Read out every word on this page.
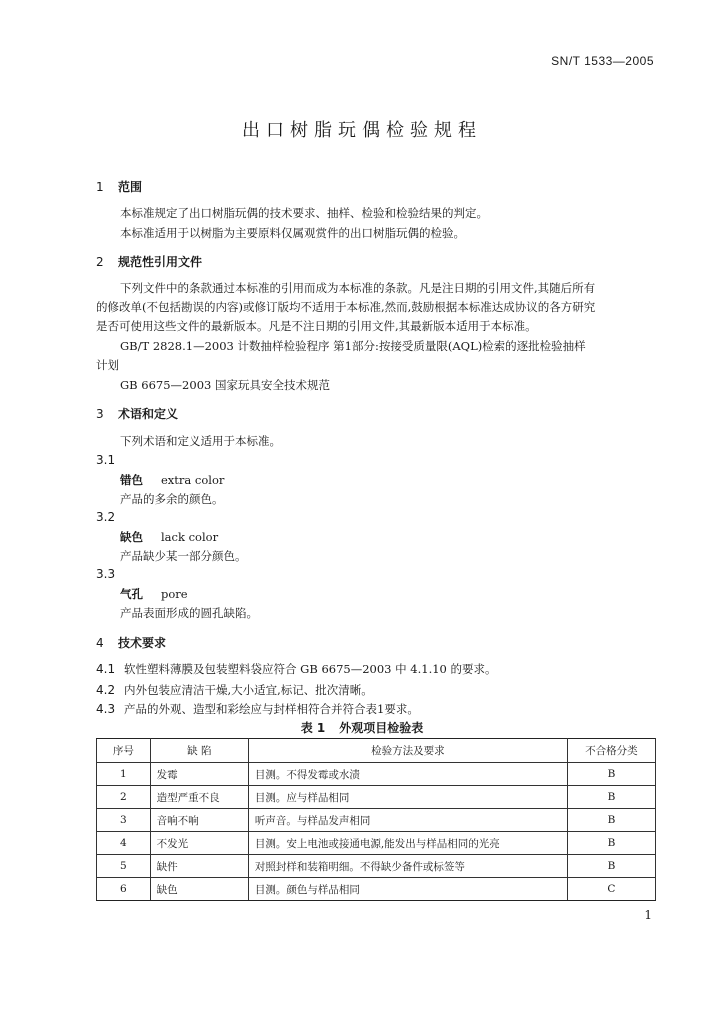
SN/T 1533—2005
出口树脂玩偶检验规程
1 范围
本标准规定了出口树脂玩偶的技术要求、抽样、检验和检验结果的判定。
本标准适用于以树脂为主要原料仅属观赏件的出口树脂玩偶的检验。
2 规范性引用文件
下列文件中的条款通过本标准的引用而成为本标准的条款。凡是注日期的引用文件,其随后所有
的修改单(不包括勘误的内容)或修订版均不适用于本标准,然而,鼓励根据本标准达成协议的各方研究
是否可使用这些文件的最新版本。凡是不注日期的引用文件,其最新版本适用于本标准。
GB/T 2828.1—2003 计数抽样检验程序 第1部分:按接受质量限(AQL)检索的逐批检验抽样
计划
GB 6675—2003 国家玩具安全技术规范
3 术语和定义
下列术语和定义适用于本标准。
3.1
错色 extra color
产品的多余的颜色。
3.2
缺色 lack color
产品缺少某一部分颜色。
3.3
气孔 pore
产品表面形成的圆孔缺陷。
4 技术要求
4.1 软性塑料薄膜及包装塑料袋应符合 GB 6675—2003 中 4.1.10 的要求。
4.2 内外包装应清洁干燥,大小适宜,标记、批次清晰。
4.3 产品的外观、造型和彩绘应与封样相符合并符合表1要求。
表 1 外观项目检验表
序号	缺 陷	检验方法及要求	不合格分类
1	发霉	目测。不得发霉或水渍	B
2	造型严重不良	目测。应与样品相同	B
3	音响不响	听声音。与样品发声相同	B
4	不发光	目测。安上电池或接通电源,能发出与样品相同的光亮	B
5	缺件	对照封样和装箱明细。不得缺少备件或标签等	B
6	缺色	目测。颜色与样品相同	C
1
